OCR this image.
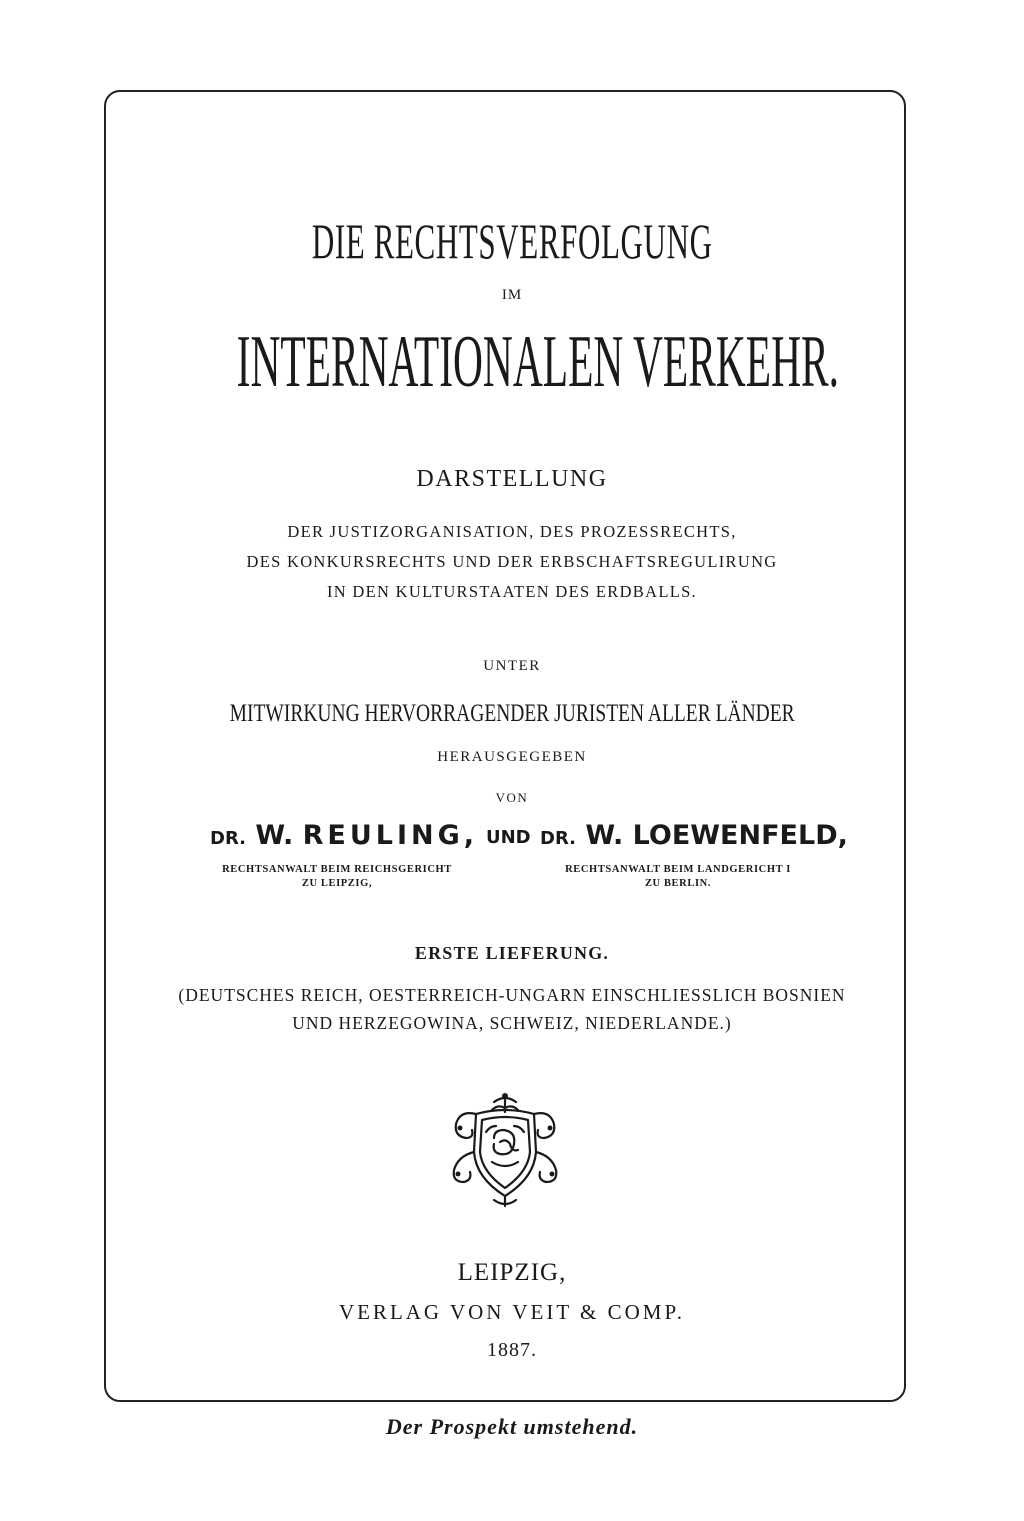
DIE RECHTSVERFOLGUNG
IM
INTERNATIONALEN VERKEHR.
DARSTELLUNG
DER JUSTIZORGANISATION, DES PROZESSRECHTS,
DES KONKURSRECHTS UND DER ERBSCHAFTSREGULIRUNG
IN DEN KULTURSTAATEN DES ERDBALLS.
UNTER
MITWIRKUNG HERVORRAGENDER JURISTEN ALLER LÄNDER
HERAUSGEGEBEN
VON
DR. W. REULING, UND DR. W. LOEWENFELD,
RECHTSANWALT BEIM REICHSGERICHT
ZU LEIPZIG,
RECHTSANWALT BEIM LANDGERICHT I
ZU BERLIN.
ERSTE LIEFERUNG.
(DEUTSCHES REICH, OESTERREICH-UNGARN EINSCHLIESSLICH BOSNIEN
UND HERZEGOWINA, SCHWEIZ, NIEDERLANDE.)
LEIPZIG,
VERLAG VON VEIT & COMP.
1887.
Der Prospekt umstehend.
